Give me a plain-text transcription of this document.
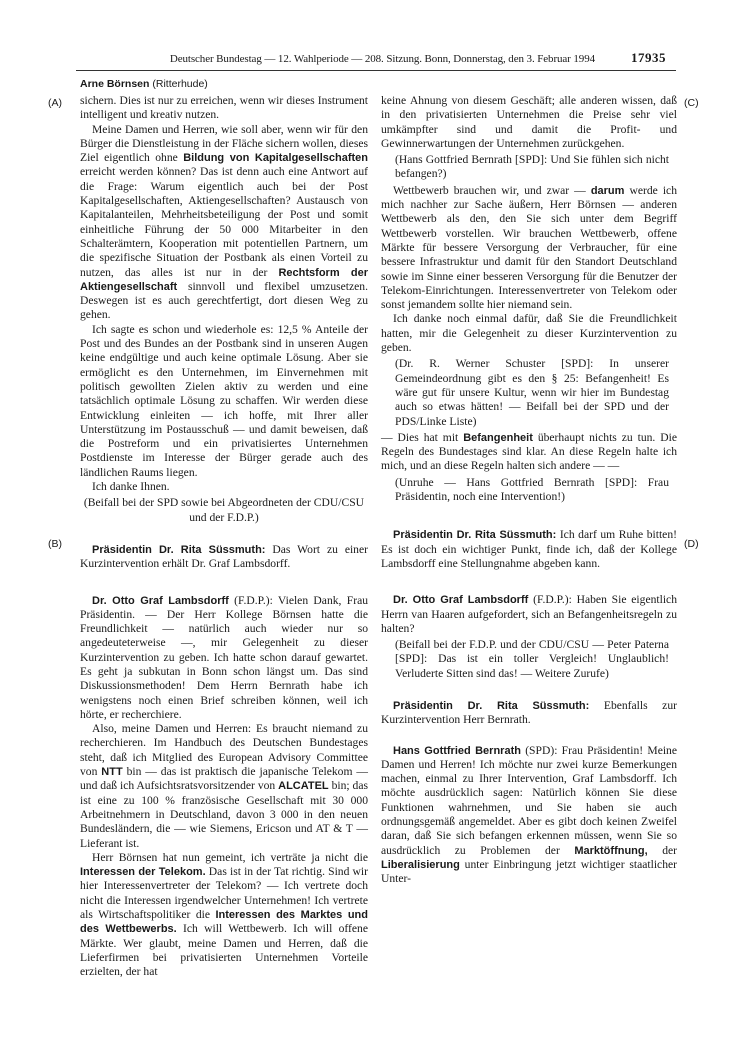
Deutscher Bundestag — 12. Wahlperiode — 208. Sitzung. Bonn, Donnerstag, den 3. Februar 1994	17935
Arne Börnsen (Ritterhude)
(A)
(B)
(C)
(D)

sichern. Dies ist nur zu erreichen, wenn wir dieses Instrument intelligent und kreativ nutzen.

Meine Damen und Herren, wie soll aber, wenn wir für den Bürger die Dienstleistung in der Fläche sichern wollen, dieses Ziel eigentlich ohne Bildung von Kapitalgesellschaften erreicht werden können? Das ist denn auch eine Antwort auf die Frage: Warum eigentlich auch bei der Post Kapitalgesellschaften, Aktiengesellschaften? Austausch von Kapitalanteilen, Mehrheitsbeteiligung der Post und somit einheitliche Führung der 50 000 Mitarbeiter in den Schalterämtern, Kooperation mit potentiellen Partnern, um die spezifische Situation der Postbank als einen Vorteil zu nutzen, das alles ist nur in der Rechtsform der Aktiengesellschaft sinnvoll und flexibel umzusetzen. Deswegen ist es auch gerechtfertigt, dort diesen Weg zu gehen.

Ich sagte es schon und wiederhole es: 12,5 % Anteile der Post und des Bundes an der Postbank sind in unseren Augen keine endgültige und auch keine optimale Lösung. Aber sie ermöglicht es den Unternehmen, im Einvernehmen mit politisch gewollten Zielen aktiv zu werden und eine tatsächlich optimale Lösung zu schaffen. Wir werden diese Entwicklung einleiten — ich hoffe, mit Ihrer aller Unterstützung im Postausschuß — und damit beweisen, daß die Postreform und ein privatisiertes Unternehmen Postdienste im Interesse der Bürger gerade auch des ländlichen Raums liegen.

Ich danke Ihnen.

(Beifall bei der SPD sowie bei Abgeordneten der CDU/CSU und der F.D.P.)

Präsidentin Dr. Rita Süssmuth: Das Wort zu einer Kurzintervention erhält Dr. Graf Lambsdorff.

Dr. Otto Graf Lambsdorff (F.D.P.): Vielen Dank, Frau Präsidentin. — Der Herr Kollege Börnsen hatte die Freundlichkeit — natürlich auch wieder nur so angedeuteterweise —, mir Gelegenheit zu dieser Kurzintervention zu geben. Ich hatte schon darauf gewartet. Es geht ja subkutan in Bonn schon längst um. Das sind Diskussionsmethoden! Dem Herrn Bernrath habe ich wenigstens noch einen Brief schreiben können, weil ich hörte, er recherchiere.

Also, meine Damen und Herren: Es braucht niemand zu recherchieren. Im Handbuch des Deutschen Bundestages steht, daß ich Mitglied des European Advisory Committee von NTT bin — das ist praktisch die japanische Telekom — und daß ich Aufsichtsratsvorsitzender von ALCATEL bin; das ist eine zu 100 % französische Gesellschaft mit 30 000 Arbeitnehmern in Deutschland, davon 3 000 in den neuen Bundesländern, die — wie Siemens, Ericson und AT & T — Lieferant ist.

Herr Börnsen hat nun gemeint, ich verträte ja nicht die Interessen der Telekom. Das ist in der Tat richtig. Sind wir hier Interessenvertreter der Telekom? — Ich vertrete doch nicht die Interessen irgendwelcher Unternehmen! Ich vertrete als Wirtschaftspolitiker die Interessen des Marktes und des Wettbewerbs. Ich will Wettbewerb. Ich will offene Märkte. Wer glaubt, meine Damen und Herren, daß die Lieferfirmen bei privatisierten Unternehmen Vorteile erzielten, der hat

keine Ahnung von diesem Geschäft; alle anderen wissen, daß in den privatisierten Unternehmen die Preise sehr viel umkämpfter sind und damit die Profit- und Gewinnerwartungen der Unternehmen zurückgehen.

(Hans Gottfried Bernrath [SPD]: Und Sie fühlen sich nicht befangen?)

Wettbewerb brauchen wir, und zwar — darum werde ich mich nachher zur Sache äußern, Herr Börnsen — anderen Wettbewerb als den, den Sie sich unter dem Begriff Wettbewerb vorstellen. Wir brauchen Wettbewerb, offene Märkte für bessere Versorgung der Verbraucher, für eine bessere Infrastruktur und damit für den Standort Deutschland sowie im Sinne einer besseren Versorgung für die Benutzer der Telekom-Einrichtungen. Interessenvertreter von Telekom oder sonst jemandem sollte hier niemand sein.

Ich danke noch einmal dafür, daß Sie die Freundlichkeit hatten, mir die Gelegenheit zu dieser Kurzintervention zu geben.

(Dr. R. Werner Schuster [SPD]: In unserer Gemeindeordnung gibt es den § 25: Befangenheit! Es wäre gut für unsere Kultur, wenn wir hier im Bundestag auch so etwas hätten! — Beifall bei der SPD und der PDS/Linke Liste)

— Dies hat mit Befangenheit überhaupt nichts zu tun. Die Regeln des Bundestages sind klar. An diese Regeln halte ich mich, und an diese Regeln halten sich andere — —

(Unruhe — Hans Gottfried Bernrath [SPD]: Frau Präsidentin, noch eine Intervention!)

Präsidentin Dr. Rita Süssmuth: Ich darf um Ruhe bitten! Es ist doch ein wichtiger Punkt, finde ich, daß der Kollege Lambsdorff eine Stellungnahme abgeben kann.

Dr. Otto Graf Lambsdorff (F.D.P.): Haben Sie eigentlich Herrn van Haaren aufgefordert, sich an Befangenheitsregeln zu halten?

(Beifall bei der F.D.P. und der CDU/CSU — Peter Paterna [SPD]: Das ist ein toller Vergleich! Unglaublich! Verluderte Sitten sind das! — Weitere Zurufe)

Präsidentin Dr. Rita Süssmuth: Ebenfalls zur Kurzintervention Herr Bernrath.

Hans Gottfried Bernrath (SPD): Frau Präsidentin! Meine Damen und Herren! Ich möchte nur zwei kurze Bemerkungen machen, einmal zu Ihrer Intervention, Graf Lambsdorff. Ich möchte ausdrücklich sagen: Natürlich können Sie diese Funktionen wahrnehmen, und Sie haben sie auch ordnungsgemäß angemeldet. Aber es gibt doch keinen Zweifel daran, daß Sie sich befangen erkennen müssen, wenn Sie so ausdrücklich zu Problemen der Marktöffnung, der Liberalisierung unter Einbringung jetzt wichtiger staatlicher Unter-
